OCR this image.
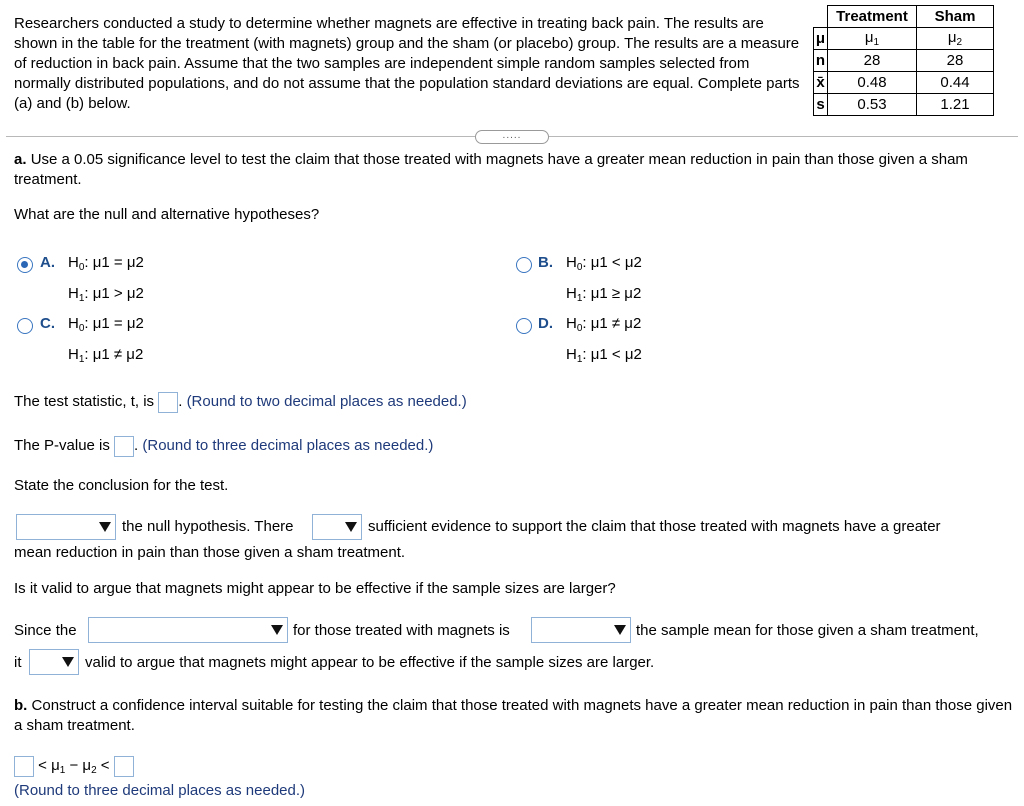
Researchers conducted a study to determine whether magnets are effective in treating back pain. The results are shown in the table for the treatment (with magnets) group and the sham (or placebo) group. The results are a measure of reduction in back pain. Assume that the two samples are independent simple random samples selected from normally distributed populations, and do not assume that the population standard deviations are equal. Complete parts (a) and (b) below.
	Treatment	Sham
μ	$\mu_1$	$\mu_2$
n	28	28
x̄	0.48	0.44
s	0.53	1.21
.....
a. Use a 0.05 significance level to test the claim that those treated with magnets have a greater mean reduction in pain than those given a sham treatment.
What are the null and alternative hypotheses?
A. $H_0$: μ1 = μ2
$H_1$: μ1 > μ2
B. $H_0$: μ1 < μ2
$H_1$: μ1 ≥ μ2
C. $H_0$: μ1 = μ2
$H_1$: μ1 ≠ μ2
D. $H_0$: μ1 ≠ μ2
$H_1$: μ1 < μ2
The test statistic, t, is . (Round to two decimal places as needed.)
The P-value is . (Round to three decimal places as needed.)
State the conclusion for the test.
the null hypothesis. There	sufficient evidence to support the claim that those treated with magnets have a greater
mean reduction in pain than those given a sham treatment.
Is it valid to argue that magnets might appear to be effective if the sample sizes are larger?
Since the	for those treated with magnets is	the sample mean for those given a sham treatment,
it	valid to argue that magnets might appear to be effective if the sample sizes are larger.
b. Construct a confidence interval suitable for testing the claim that those treated with magnets have a greater mean reduction in pain than those given a sham treatment.
< $\mu_1 - \mu_2$ <
(Round to three decimal places as needed.)
